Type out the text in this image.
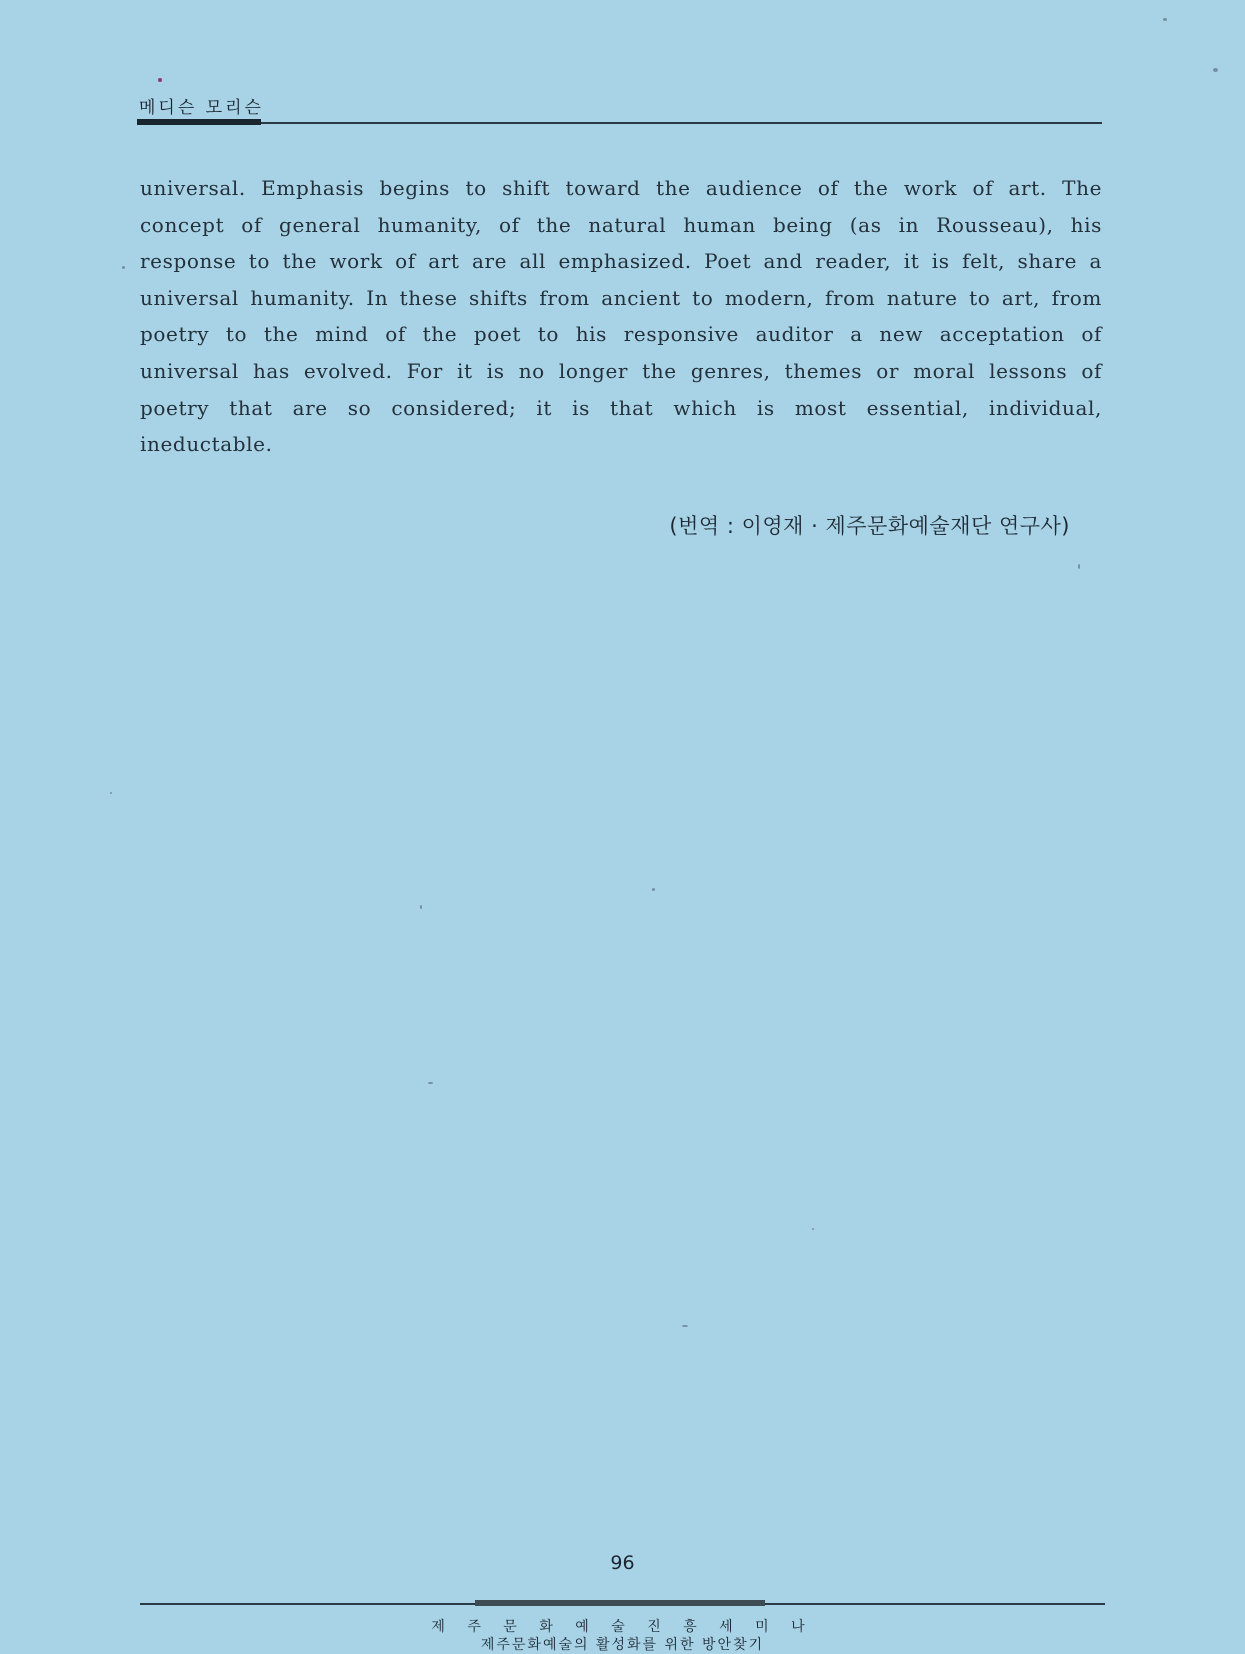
메디슨 모리슨
universal. Emphasis begins to shift toward the audience of the work of art. The
concept of general humanity, of the natural human being (as in Rousseau), his
response to the work of art are all emphasized. Poet and reader, it is felt, share a
universal humanity. In these shifts from ancient to modern, from nature to art, from
poetry to the mind of the poet to his responsive auditor a new acceptation of
universal has evolved. For it is no longer the genres, themes or moral lessons of
poetry that are so considered; it is that which is most essential, individual,
ineductable.
(번역 : 이영재 · 제주문화예술재단 연구사)
96
제 주 문 화 예 술 진 흥 세 미 나
제주문화예술의 활성화를 위한 방안찾기
